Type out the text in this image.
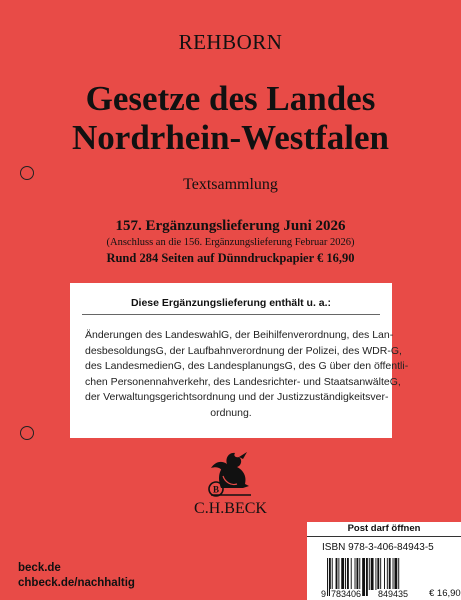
REHBORN
Gesetze des Landes
Nordrhein-Westfalen
Textsammlung
157. Ergänzungslieferung Juni 2026
(Anschluss an die 156. Ergänzungslieferung Februar 2026)
Rund 284 Seiten auf Dünndruckpapier € 16,90
Diese Ergänzungslieferung enthält u. a.:
Änderungen des LandeswahlG, der Beihilfenverordnung, des Lan-
desbesoldungsG, der Laufbahnverordnung der Polizei, des WDR-G,
des LandesmedienG, des LandesplanungsG, des G über den öffentli-
chen Personennahverkehr, des Landesrichter- und StaatsanwälteG,
der Verwaltungsgerichtsordnung und der Justizzuständigkeitsver-
ordnung.
B
C.H.BECK
beck.de
chbeck.de/nachhaltig
Post darf öffnen
ISBN 978-3-406-84943-5
9 783406 849435 € 16,90
